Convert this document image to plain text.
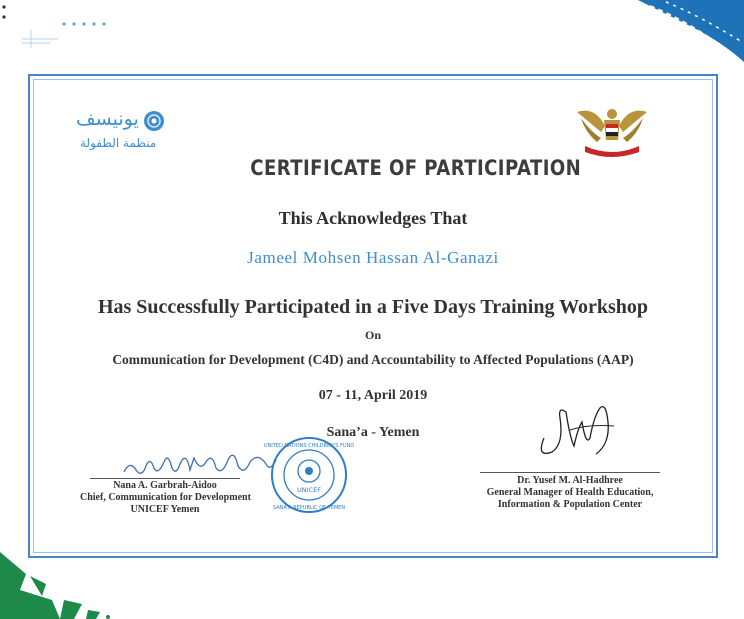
يونيسف
منظمة الطفولة
CERTIFICATE OF PARTICIPATION
This Acknowledges That
Jameel Mohsen Hassan Al-Ganazi
Has Successfully Participated in a Five Days Training Workshop
On
Communication for Development (C4D) and Accountability to Affected Populations (AAP)
07 - 11, April 2019
Sana’a - Yemen
Nana A. Garbrah-Aidoo
Chief, Communication for Development
UNICEF Yemen
UNICEF
UNITED NATIONS CHILDREN'S FUND
SANA'A REPUBLIC OF YEMEN
Dr. Yusef M. Al-Hadhree
General Manager of Health Education,
Information & Population Center
